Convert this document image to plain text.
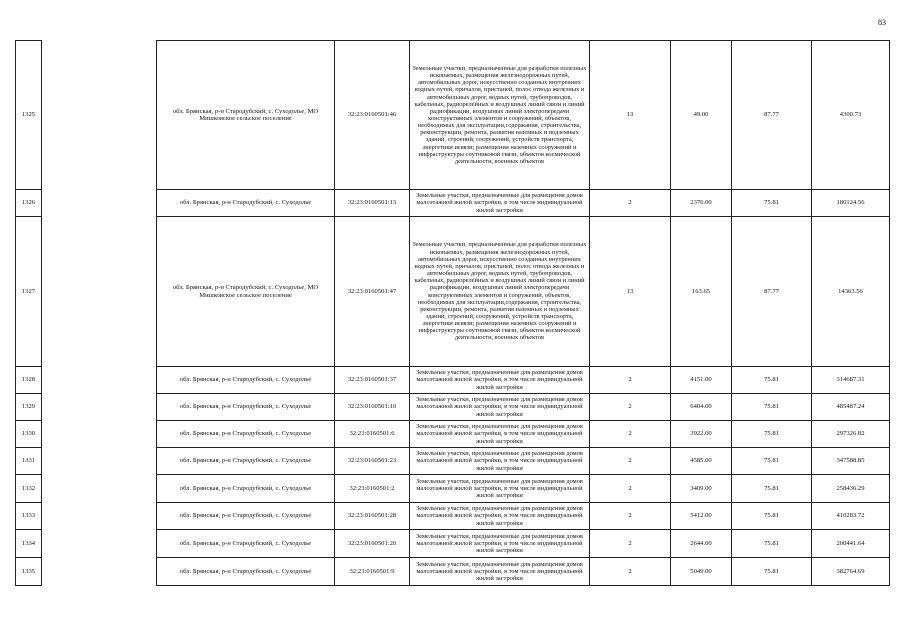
83
1325		обл. Брянская, р-н Стародубский, с. Суходолье, МО Мишковское сельское поселение	32:23:0160501:46	Земельные участки, предназначенные для разработки полезных ископаемых, размещения железнодорожных путей, автомобильных дорог, искусственно созданных внутренних водных путей, причалов, пристаней, полос отвода железных и автомобильных дорог, водных путей, трубопроводов, кабельных, радиорелейных и воздушных линий связи и линий радиофикации, воздушных линий электропередачи конструктивных элементов и сооружений, объектов, необходимых для эксплуатации,содержания, строительства, реконструкции, ремонта, развития наземных и подземных зданий, строений, сооружений, устройств транспорта, энергетики исвязи; размещения наземных сооружений и инфраструктуры спутниковой связи, объектов космической деятельности, военных объектов	13	49.00	87.77	4300.73
1326		обл. Брянская, р-н Стародубский, с. Суходолье	32:23:0160501:13	Земельные участки, предназначенные для размещения домов малоэтажной жилой застройки, в том числе индивидуальной жилой застройки	2	2376.00	75.81	180124.56
1327		обл. Брянская, р-н Стародубский, с. Суходолье, МО Мишковское сельское поселение	32:23:0160501:47	Земельные участки, предназначенные для разработки полезных ископаемых, размещения железнодорожных путей, автомобильных дорог, искусственно созданных внутренних водных путей, причалов, пристаней, полос отвода железных и автомобильных дорог, водных путей, трубопроводов, кабельных, радиорелейных и воздушных линий связи и линий радиофикации, воздушных линий электропередачи конструктивных элементов и сооружений, объектов, необходимых для эксплуатации,содержания, строительства, реконструкции, ремонта, развития наземных и подземных зданий, строений, сооружений, устройств транспорта, энергетики исвязи; размещения наземных сооружений и инфраструктуры спутниковой связи, объектов космической деятельности, военных объектов	13	163.65	87.77	14363.56
1328		обл. Брянская, р-н Стародубский, с. Суходолье	32:23:0160501:37	Земельные участки, предназначенные для размещения домов малоэтажной жилой застройки, в том числе индивидуальной жилой застройки	2	4151.00	75.81	314687.31
1329		обл. Брянская, р-н Стародубский, с. Суходолье	32:23:0160501:10	Земельные участки, предназначенные для размещения домов малоэтажной жилой застройки, в том числе индивидуальной жилой застройки	2	6404.00	75.81	485487.24
1330		обл. Брянская, р-н Стародубский, с. Суходолье	32:23:0160501:6	Земельные участки, предназначенные для размещения домов малоэтажной жилой застройки, в том числе индивидуальной жилой застройки	2	3922.00	75.81	297326.82
1331		обл. Брянская, р-н Стародубский, с. Суходолье	32:23:0160501:23	Земельные участки, предназначенные для размещения домов малоэтажной жилой застройки, в том числе индивидуальной жилой застройки	2	4585.00	75.81	347588.85
1332		обл. Брянская, р-н Стародубский, с. Суходолье	32:23:0160501:2	Земельные участки, предназначенные для размещения домов малоэтажной жилой застройки, в том числе индивидуальной жилой застройки	2	3409.00	75.81	258436.29
1333		обл. Брянская, р-н Стародубский, с. Суходолье	32:23:0160501:28	Земельные участки, предназначенные для размещения домов малоэтажной жилой застройки, в том числе индивидуальной жилой застройки	2	5412.00	75.81	410283.72
1334		обл. Брянская, р-н Стародубский, с. Суходолье	32:23:0160501:20	Земельные участки, предназначенные для размещения домов малоэтажной жилой застройки, в том числе индивидуальной жилой застройки	2	2644.00	75.81	200441.64
1335		обл. Брянская, р-н Стародубский, с. Суходолье	32:23:0160501:9	Земельные участки, предназначенные для размещения домов малоэтажной жилой застройки, в том числе индивидуальной жилой застройки	2	5049.00	75.81	382764.69
